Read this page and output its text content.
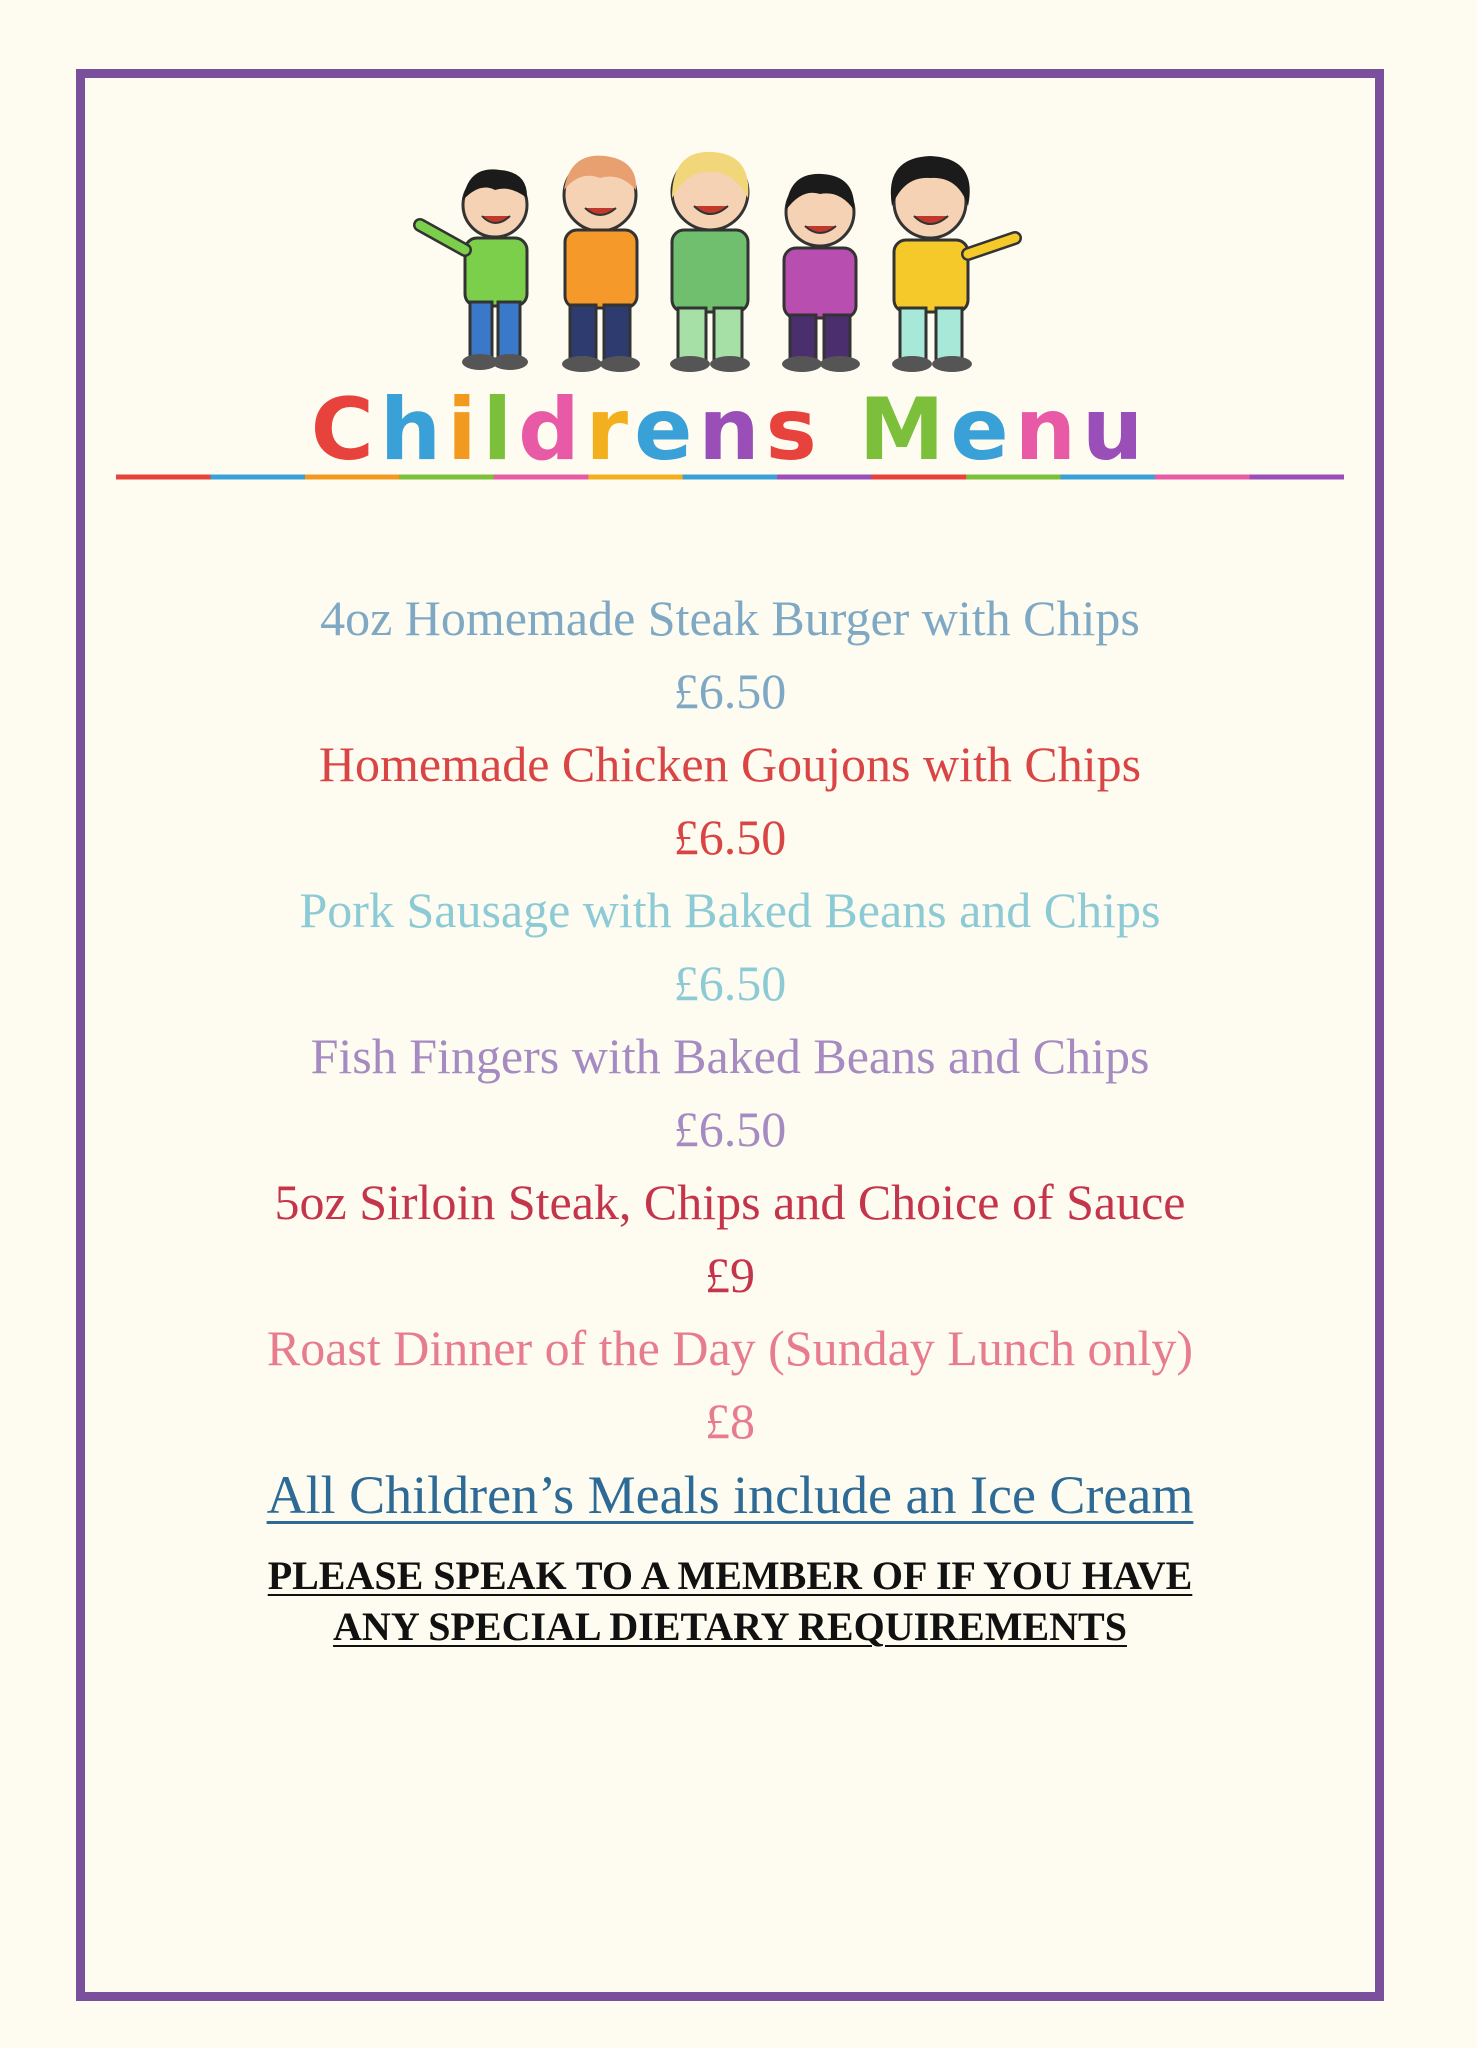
Childrens Menu
4oz Homemade Steak Burger with Chips
£6.50
Homemade Chicken Goujons with Chips
£6.50
Pork Sausage with Baked Beans and Chips
£6.50
Fish Fingers with Baked Beans and Chips
£6.50
5oz Sirloin Steak, Chips and Choice of Sauce
£9
Roast Dinner of the Day (Sunday Lunch only)
£8
All Children’s Meals include an Ice Cream
PLEASE SPEAK TO A MEMBER OF IF YOU HAVE
ANY SPECIAL DIETARY REQUIREMENTS
